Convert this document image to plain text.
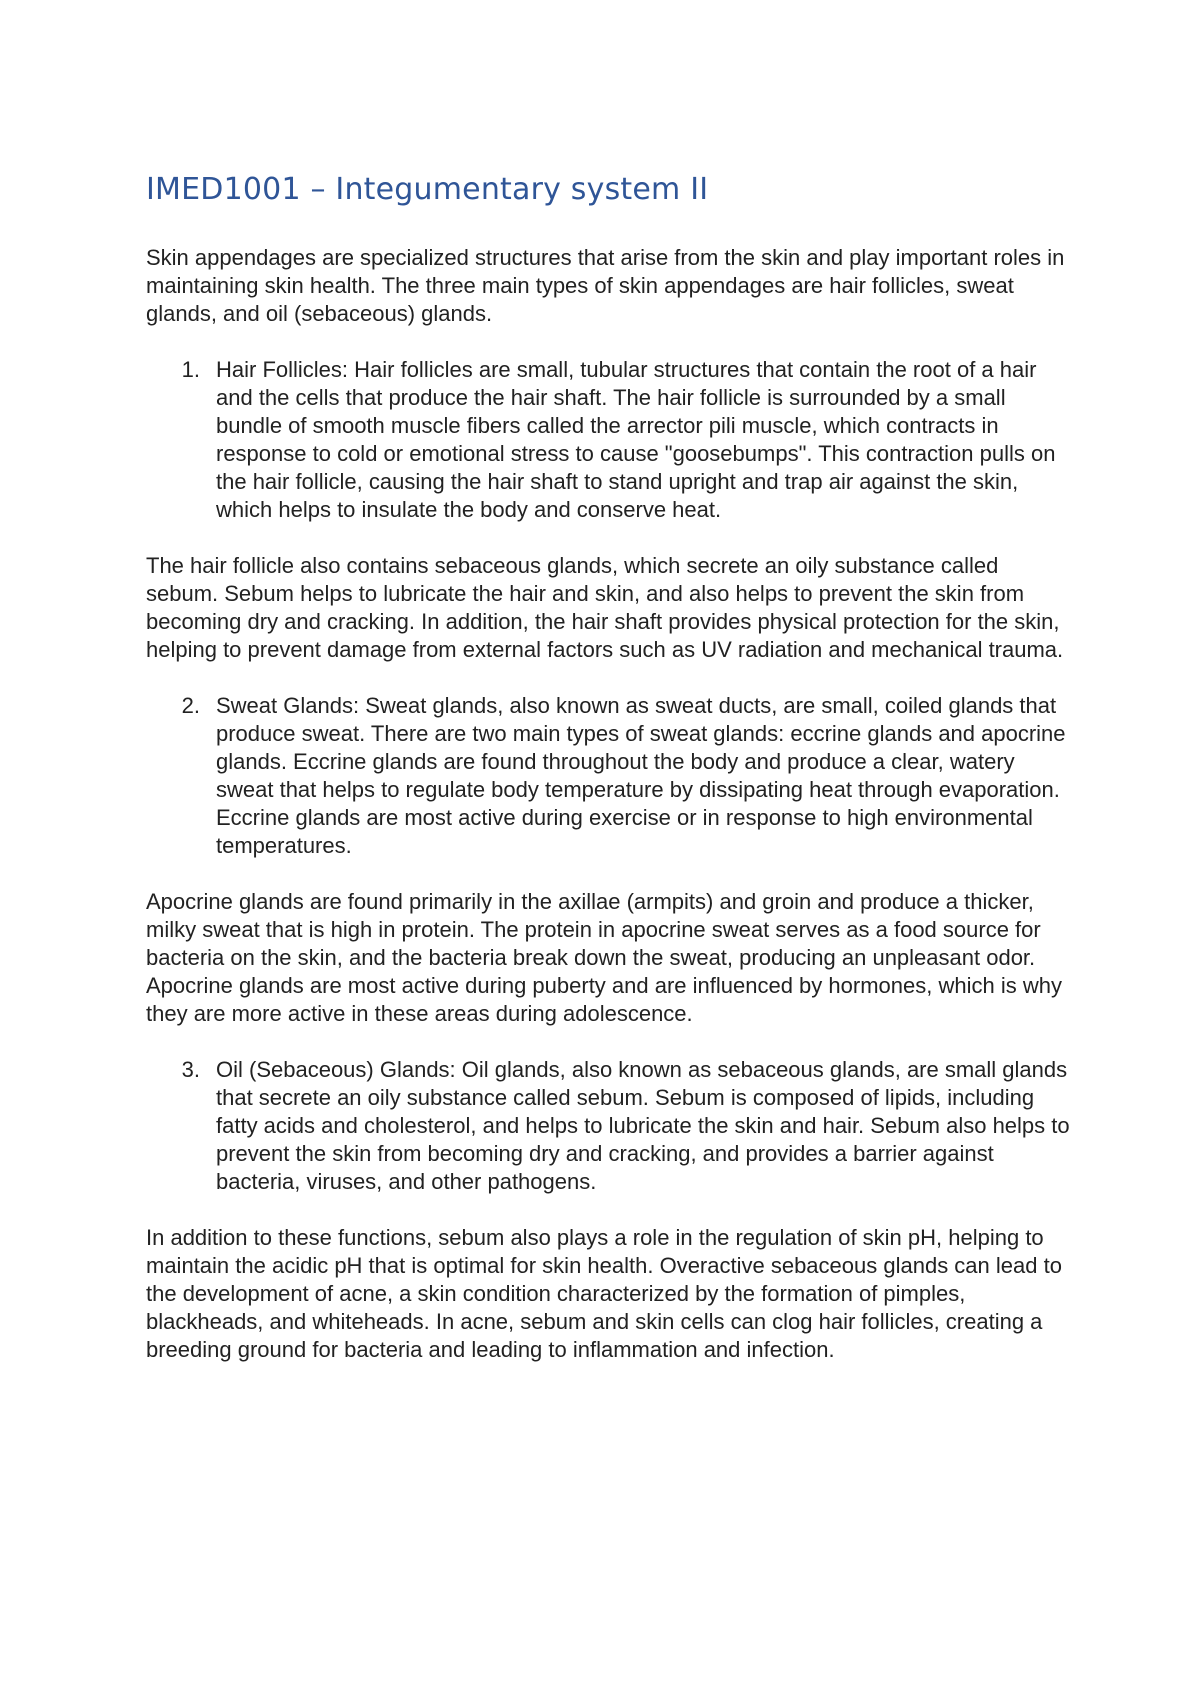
IMED1001 – Integumentary system II

Skin appendages are specialized structures that arise from the skin and play important roles in maintaining skin health. The three main types of skin appendages are hair follicles, sweat glands, and oil (sebaceous) glands.

1. Hair Follicles: Hair follicles are small, tubular structures that contain the root of a hair and the cells that produce the hair shaft. The hair follicle is surrounded by a small bundle of smooth muscle fibers called the arrector pili muscle, which contracts in response to cold or emotional stress to cause "goosebumps". This contraction pulls on the hair follicle, causing the hair shaft to stand upright and trap air against the skin, which helps to insulate the body and conserve heat.

The hair follicle also contains sebaceous glands, which secrete an oily substance called sebum. Sebum helps to lubricate the hair and skin, and also helps to prevent the skin from becoming dry and cracking. In addition, the hair shaft provides physical protection for the skin, helping to prevent damage from external factors such as UV radiation and mechanical trauma.

2. Sweat Glands: Sweat glands, also known as sweat ducts, are small, coiled glands that produce sweat. There are two main types of sweat glands: eccrine glands and apocrine glands. Eccrine glands are found throughout the body and produce a clear, watery sweat that helps to regulate body temperature by dissipating heat through evaporation. Eccrine glands are most active during exercise or in response to high environmental temperatures.

Apocrine glands are found primarily in the axillae (armpits) and groin and produce a thicker, milky sweat that is high in protein. The protein in apocrine sweat serves as a food source for bacteria on the skin, and the bacteria break down the sweat, producing an unpleasant odor. Apocrine glands are most active during puberty and are influenced by hormones, which is why they are more active in these areas during adolescence.

3. Oil (Sebaceous) Glands: Oil glands, also known as sebaceous glands, are small glands that secrete an oily substance called sebum. Sebum is composed of lipids, including fatty acids and cholesterol, and helps to lubricate the skin and hair. Sebum also helps to prevent the skin from becoming dry and cracking, and provides a barrier against bacteria, viruses, and other pathogens.

In addition to these functions, sebum also plays a role in the regulation of skin pH, helping to maintain the acidic pH that is optimal for skin health. Overactive sebaceous glands can lead to the development of acne, a skin condition characterized by the formation of pimples, blackheads, and whiteheads. In acne, sebum and skin cells can clog hair follicles, creating a breeding ground for bacteria and leading to inflammation and infection.
